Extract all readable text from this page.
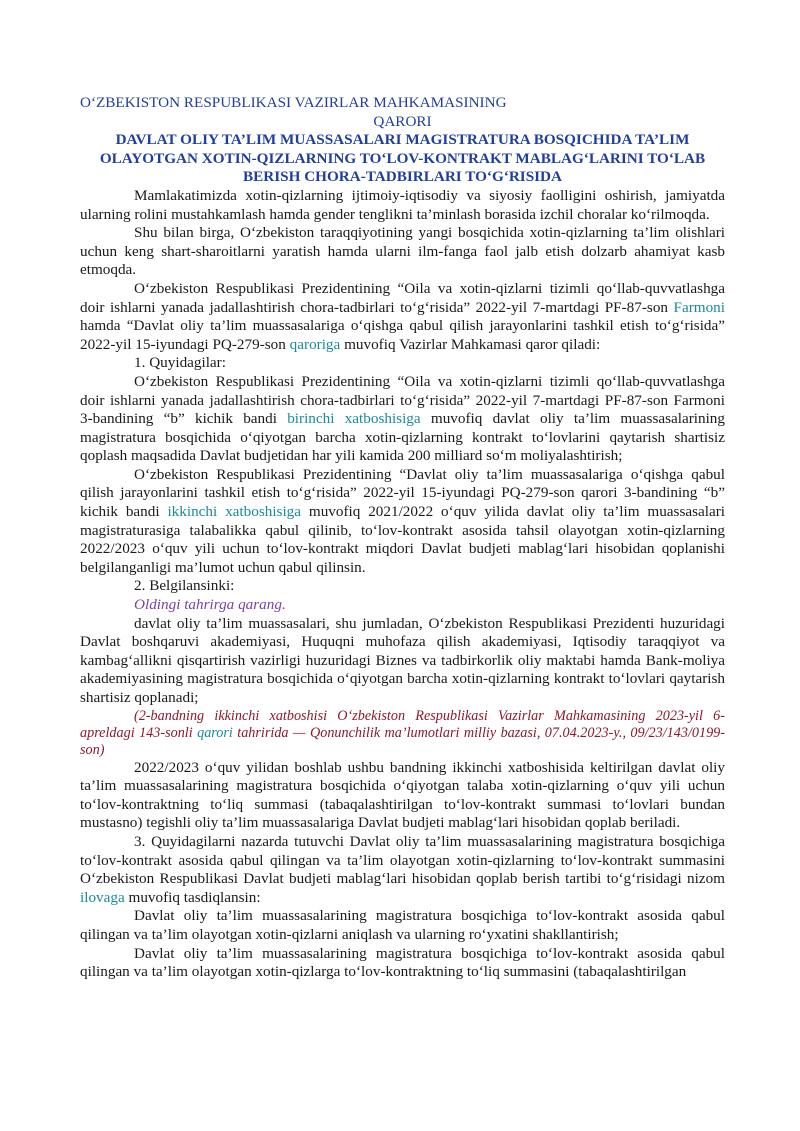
O‘ZBEKISTON RESPUBLIKASI VAZIRLAR MAHKAMASINING
QARORI
DAVLAT OLIY TA’LIM MUASSASALARI MAGISTRATURA BOSQICHIDA TA’LIM OLAYOTGAN XOTIN-QIZLARNING TO‘LOV-KONTRAKT MABLAG‘LARINI TO‘LAB BERISH CHORA-TADBIRLARI TO‘G‘RISIDA

Mamlakatimizda xotin-qizlarning ijtimoiy-iqtisodiy va siyosiy faolligini oshirish, jamiyatda ularning rolini mustahkamlash hamda gender tenglikni ta’minlash borasida izchil choralar ko‘rilmoqda.

Shu bilan birga, O‘zbekiston taraqqiyotining yangi bosqichida xotin-qizlarning ta’lim olishlari uchun keng shart-sharoitlarni yaratish hamda ularni ilm-fanga faol jalb etish dolzarb ahamiyat kasb etmoqda.

O‘zbekiston Respublikasi Prezidentining “Oila va xotin-qizlarni tizimli qo‘llab-quvvatlashga doir ishlarni yanada jadallashtirish chora-tadbirlari to‘g‘risida” 2022-yil 7-martdagi PF-87-son Farmoni hamda “Davlat oliy ta’lim muassasalariga o‘qishga qabul qilish jarayonlarini tashkil etish to‘g‘risida” 2022-yil 15-iyundagi PQ-279-son qaroriga muvofiq Vazirlar Mahkamasi qaror qiladi:

1. Quyidagilar:

O‘zbekiston Respublikasi Prezidentining “Oila va xotin-qizlarni tizimli qo‘llab-quvvatlashga doir ishlarni yanada jadallashtirish chora-tadbirlari to‘g‘risida” 2022-yil 7-martdagi PF-87-son Farmoni 3-bandining “b” kichik bandi birinchi xatboshisiga muvofiq davlat oliy ta’lim muassasalarining magistratura bosqichida o‘qiyotgan barcha xotin-qizlarning kontrakt to‘lovlarini qaytarish shartisiz qoplash maqsadida Davlat budjetidan har yili kamida 200 milliard so‘m moliyalashtirish;

O‘zbekiston Respublikasi Prezidentining “Davlat oliy ta’lim muassasalariga o‘qishga qabul qilish jarayonlarini tashkil etish to‘g‘risida” 2022-yil 15-iyundagi PQ-279-son qarori 3-bandining “b” kichik bandi ikkinchi xatboshisiga muvofiq 2021/2022 o‘quv yilida davlat oliy ta’lim muassasalari magistraturasiga talabalikka qabul qilinib, to‘lov-kontrakt asosida tahsil olayotgan xotin-qizlarning 2022/2023 o‘quv yili uchun to‘lov-kontrakt miqdori Davlat budjeti mablag‘lari hisobidan qoplanishi belgilanganligi ma’lumot uchun qabul qilinsin.

2. Belgilansinki:

Oldingi tahrirga qarang.

davlat oliy ta’lim muassasalari, shu jumladan, O‘zbekiston Respublikasi Prezidenti huzuridagi Davlat boshqaruvi akademiyasi, Huquqni muhofaza qilish akademiyasi, Iqtisodiy taraqqiyot va kambag‘allikni qisqartirish vazirligi huzuridagi Biznes va tadbirkorlik oliy maktabi hamda Bank-moliya akademiyasining magistratura bosqichida o‘qiyotgan barcha xotin-qizlarning kontrakt to‘lovlari qaytarish shartisiz qoplanadi;

(2-bandning ikkinchi xatboshisi O‘zbekiston Respublikasi Vazirlar Mahkamasining 2023-yil 6-apreldagi 143-sonli qarori tahririda — Qonunchilik ma’lumotlari milliy bazasi, 07.04.2023-y., 09/23/143/0199-son)

2022/2023 o‘quv yilidan boshlab ushbu bandning ikkinchi xatboshisida keltirilgan davlat oliy ta’lim muassasalarining magistratura bosqichida o‘qiyotgan talaba xotin-qizlarning o‘quv yili uchun to‘lov-kontraktning to‘liq summasi (tabaqalashtirilgan to‘lov-kontrakt summasi to‘lovlari bundan mustasno) tegishli oliy ta’lim muassasalariga Davlat budjeti mablag‘lari hisobidan qoplab beriladi.

3. Quyidagilarni nazarda tutuvchi Davlat oliy ta’lim muassasalarining magistratura bosqichiga to‘lov-kontrakt asosida qabul qilingan va ta’lim olayotgan xotin-qizlarning to‘lov-kontrakt summasini O‘zbekiston Respublikasi Davlat budjeti mablag‘lari hisobidan qoplab berish tartibi to‘g‘risidagi nizom ilovaga muvofiq tasdiqlansin:

Davlat oliy ta’lim muassasalarining magistratura bosqichiga to‘lov-kontrakt asosida qabul qilingan va ta’lim olayotgan xotin-qizlarni aniqlash va ularning ro‘yxatini shakllantirish;

Davlat oliy ta’lim muassasalarining magistratura bosqichiga to‘lov-kontrakt asosida qabul qilingan va ta’lim olayotgan xotin-qizlarga to‘lov-kontraktning to‘liq summasini (tabaqalashtirilgan
